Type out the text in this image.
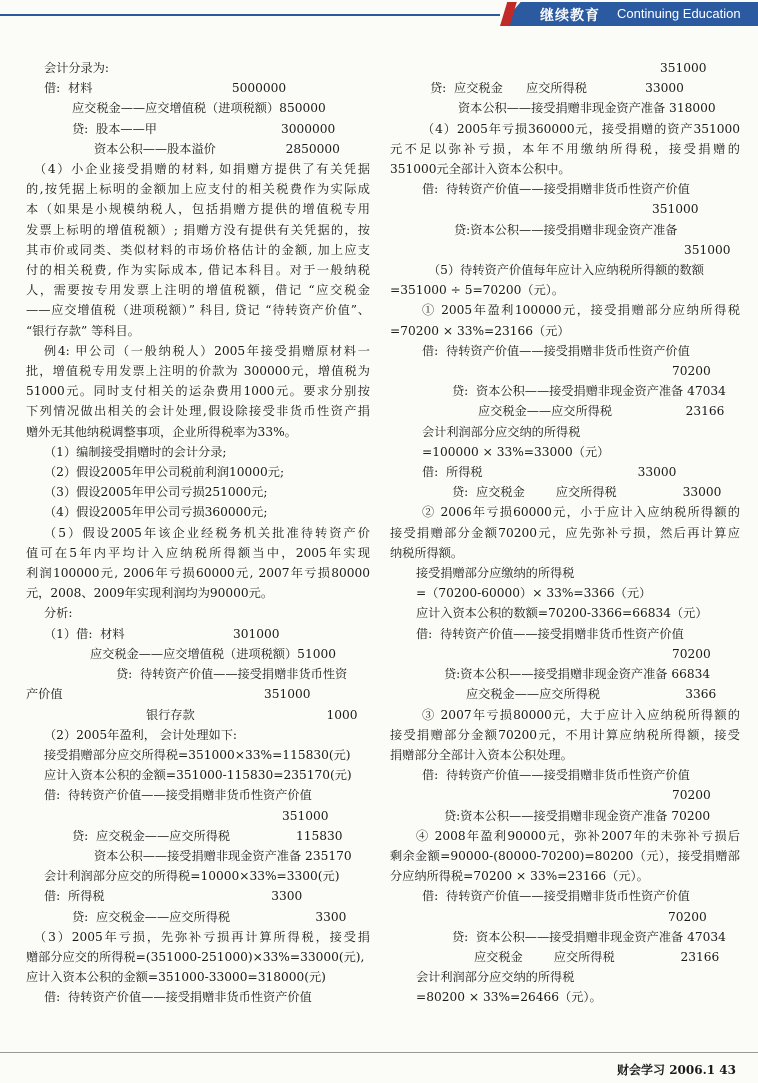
继续教育 Continuing Education
会计分录为:
借:  材料                                    5000000
应交税金——应交增值税（进项税额）850000
贷:  股本——甲                                3000000
资本公积——股本溢价                  2850000
（4）小企业接受捐赠的材料, 如捐赠方提供了有关凭据
的,按凭据上标明的金额加上应支付的相关税费作为实际成
本（如果是小规模纳税人，包括捐赠方提供的增值税专用
发票上标明的增值税额）; 捐赠方没有提供有关凭据的，按
其市价或同类、类似材料的市场价格估计的金额, 加上应支
付的相关税费, 作为实际成本, 借记本科目。对于一般纳税
人，需要按专用发票上注明的增值税额，借记 “应交税金
——应交增值税（进项税额）” 科目, 贷记 “待转资产价值”、
“银行存款” 等科目。
例4: 甲公司（一般纳税人）2005年接受捐赠原材料一
批，增值税专用发票上注明的价款为 300000元，增值税为
51000元。同时支付相关的运杂费用1000元。要求分别按
下列情况做出相关的会计处理,假设除接受非货币性资产捐
赠外无其他纳税调整事项，企业所得税率为33%。
（1）编制接受捐赠时的会计分录;
（2）假设2005年甲公司税前利润10000元;
（3）假设2005年甲公司亏损251000元;
（4）假设2005年甲公司亏损360000元;
（5）假设2005年该企业经税务机关批准待转资产价
值可在5年内平均计入应纳税所得额当中，2005年实现
利润100000元, 2006年亏损60000元, 2007年亏损80000
元，2008、2009年实现利润均为90000元。
分析:
（1）借:  材料                            301000
应交税金——应交增值税（进项税额）51000
贷:  待转资产价值——接受捐赠非货币性资
产价值                                                    351000
银行存款                                  1000
（2）2005年盈利， 会计处理如下:
接受捐赠部分应交所得税=351000×33%=115830(元)
应计入资本公积的金额=351000-115830=235170(元)
借:  待转资产价值——接受捐赠非货币性资产价值
351000
贷:  应交税金——应交所得税                 115830
资本公积——接受捐赠非现金资产准备 235170
会计利润部分应交的所得税=10000×33%=3300(元)
借:  所得税                                           3300
贷:  应交税金——应交所得税                      3300
（3）2005年亏损，先弥补亏损再计算所得税，接受捐
赠部分应交的所得税=(351000-251000)×33%=33000(元),
应计入资本公积的金额=351000-33000=318000(元)
借:  待转资产价值——接受捐赠非货币性资产价值
351000
贷:  应交税金      应交所得税               33000
资本公积——接受捐赠非现金资产准备 318000
（4）2005年亏损360000元，接受捐赠的资产351000
元不足以弥补亏损，本年不用缴纳所得税，接受捐赠的
351000元全部计入资本公积中。
借:  待转资产价值——接受捐赠非货币性资产价值
351000
贷:资本公积——接受捐赠非现金资产准备
351000
（5）待转资产价值每年应计入应纳税所得额的数额
=351000 ÷ 5=70200（元）。
① 2005年盈利100000元，接受捐赠部分应纳所得税
=70200 × 33%=23166（元）
借:  待转资产价值——接受捐赠非货币性资产价值
70200
贷:  资本公积——接受捐赠非现金资产准备 47034
应交税金——应交所得税                   23166
会计利润部分应交纳的所得税
=100000 × 33%=33000（元）
借:  所得税                                        33000
贷:  应交税金        应交所得税                 33000
② 2006年亏损60000元，小于应计入应纳税所得额的
接受捐赠部分金额70200元，应先弥补亏损，然后再计算应
纳税所得额。
接受捐赠部分应缴纳的所得税
=（70200-60000）× 33%=3366（元）
应计入资本公积的数额=70200-3366=66834（元）
借:  待转资产价值——接受捐赠非货币性资产价值
70200
贷:资本公积——接受捐赠非现金资产准备 66834
应交税金——应交所得税                      3366
③ 2007年亏损80000元，大于应计入应纳税所得额的
接受捐赠部分金额70200元，不用计算应纳税所得额，接受
捐赠部分全部计入资本公积处理。
借:  待转资产价值——接受捐赠非货币性资产价值
70200
贷:资本公积——接受捐赠非现金资产准备 70200
④ 2008年盈利90000元，弥补2007年的未弥补亏损后
剩余金额=90000-(80000-70200)=80200（元），接受捐赠部
分应纳所得税=70200 × 33%=23166（元）。
借:  待转资产价值——接受捐赠非货币性资产价值
70200
贷:  资本公积——接受捐赠非现金资产准备 47034
应交税金        应交所得税                 23166
会计利润部分应交纳的所得税
=80200 × 33%=26466（元）。
财会学习 2006.1 43
